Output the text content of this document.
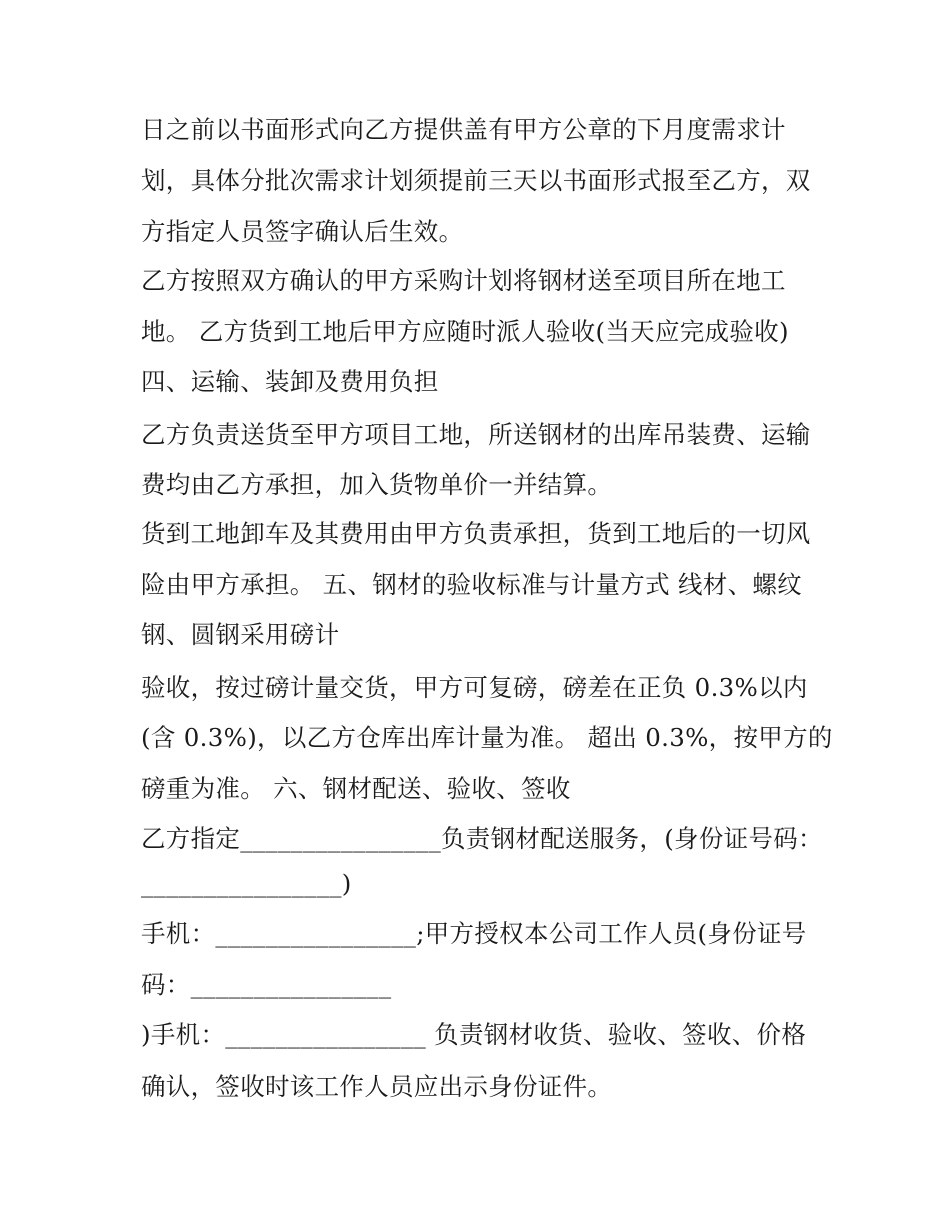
日之前以书面形式向乙方提供盖有甲方公章的下月度需求计
划，具体分批次需求计划须提前三天以书面形式报至乙方，双
方指定人员签字确认后生效。
乙方按照双方确认的甲方采购计划将钢材送至项目所在地工
地。 乙方货到工地后甲方应随时派人验收(当天应完成验收)
四、运输、装卸及费用负担
乙方负责送货至甲方项目工地，所送钢材的出库吊装费、运输
费均由乙方承担，加入货物单价一并结算。
货到工地卸车及其费用由甲方负责承担，货到工地后的一切风
险由甲方承担。 五、钢材的验收标准与计量方式 线材、螺纹
钢、圆钢采用磅计
验收，按过磅计量交货，甲方可复磅，磅差在正负 0.3%以内
(含 0.3%)，以乙方仓库出库计量为准。 超出 0.3%，按甲方的
磅重为准。 六、钢材配送、验收、签收
乙方指定________________负责钢材配送服务，(身份证号码：
________________)
手机：________________;甲方授权本公司工作人员(身份证号
码：________________
)手机：________________ 负责钢材收货、验收、签收、价格
确认，签收时该工作人员应出示身份证件。
